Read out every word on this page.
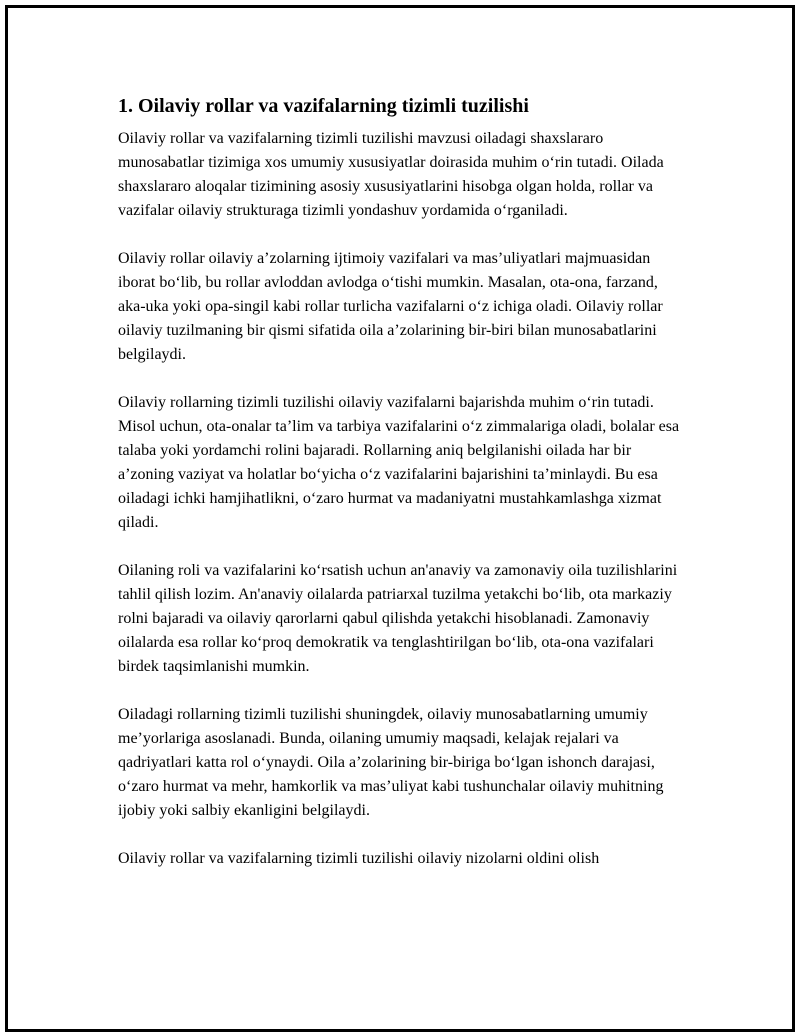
1. Oilaviy rollar va vazifalarning tizimli tuzilishi

Oilaviy rollar va vazifalarning tizimli tuzilishi mavzusi oiladagi shaxslararo munosabatlar tizimiga xos umumiy xususiyatlar doirasida muhim o‘rin tutadi. Oilada shaxslararo aloqalar tizimining asosiy xususiyatlarini hisobga olgan holda, rollar va vazifalar oilaviy strukturaga tizimli yondashuv yordamida o‘rganiladi.

Oilaviy rollar oilaviy a’zolarning ijtimoiy vazifalari va mas’uliyatlari majmuasidan iborat bo‘lib, bu rollar avloddan avlodga o‘tishi mumkin. Masalan, ota-ona, farzand, aka-uka yoki opa-singil kabi rollar turlicha vazifalarni o‘z ichiga oladi. Oilaviy rollar oilaviy tuzilmaning bir qismi sifatida oila a’zolarining bir-biri bilan munosabatlarini belgilaydi.

Oilaviy rollarning tizimli tuzilishi oilaviy vazifalarni bajarishda muhim o‘rin tutadi. Misol uchun, ota-onalar ta’lim va tarbiya vazifalarini o‘z zimmalariga oladi, bolalar esa talaba yoki yordamchi rolini bajaradi. Rollarning aniq belgilanishi oilada har bir a’zoning vaziyat va holatlar bo‘yicha o‘z vazifalarini bajarishini ta’minlaydi. Bu esa oiladagi ichki hamjihatlikni, o‘zaro hurmat va madaniyatni mustahkamlashga xizmat qiladi.

Oilaning roli va vazifalarini ko‘rsatish uchun an'anaviy va zamonaviy oila tuzilishlarini tahlil qilish lozim. An'anaviy oilalarda patriarxal tuzilma yetakchi bo‘lib, ota markaziy rolni bajaradi va oilaviy qarorlarni qabul qilishda yetakchi hisoblanadi. Zamonaviy oilalarda esa rollar ko‘proq demokratik va tenglashtirilgan bo‘lib, ota-ona vazifalari birdek taqsimlanishi mumkin.

Oiladagi rollarning tizimli tuzilishi shuningdek, oilaviy munosabatlarning umumiy me’yorlariga asoslanadi. Bunda, oilaning umumiy maqsadi, kelajak rejalari va qadriyatlari katta rol o‘ynaydi. Oila a’zolarining bir-biriga bo‘lgan ishonch darajasi, o‘zaro hurmat va mehr, hamkorlik va mas’uliyat kabi tushunchalar oilaviy muhitning ijobiy yoki salbiy ekanligini belgilaydi.

Oilaviy rollar va vazifalarning tizimli tuzilishi oilaviy nizolarni oldini olish
